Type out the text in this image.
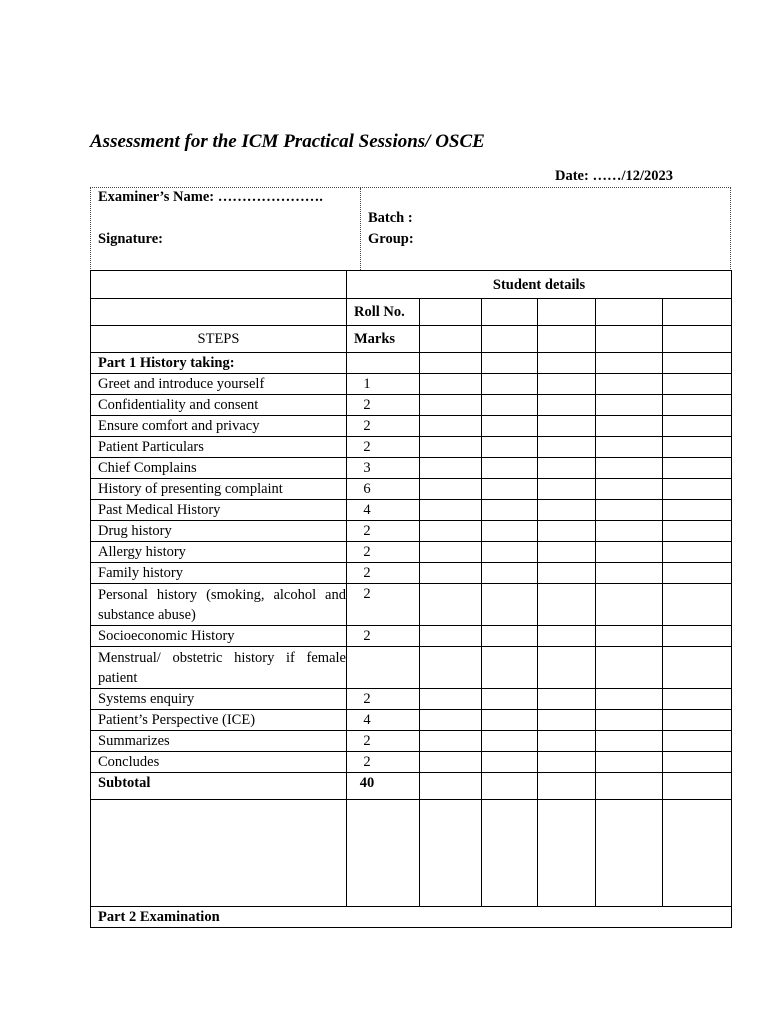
Assessment for the ICM Practical Sessions/ OSCE
Date: ……/12/2023
Examiner’s Name: ………………….
Signature:
Batch :
Group:
	Student details					
	Roll No.					
STEPS	Marks					
Part 1 History taking:						
Greet and introduce yourself	1					
Confidentiality and consent	2					
Ensure comfort and privacy	2					
Patient Particulars	2					
Chief Complains	3					
History of presenting complaint	6					
Past Medical History	4					
Drug history	2					
Allergy history	2					
Family history	2					
Personal history (smoking, alcohol and substance abuse)	2					
Socioeconomic History	2					
Menstrual/ obstetric history if female patient						
Systems enquiry	2					
Patient’s Perspective (ICE)	4					
Summarizes	2					
Concludes	2					
Subtotal	40					

Part 2 Examination						
